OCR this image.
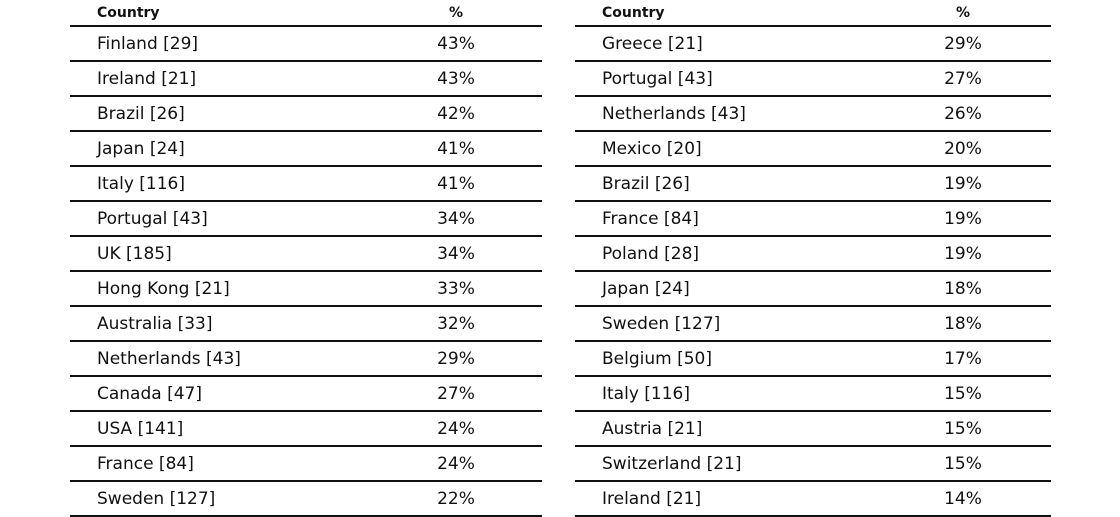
Country	%
Finland [29]	43%
Ireland [21]	43%
Brazil [26]	42%
Japan [24]	41%
Italy [116]	41%
Portugal [43]	34%
UK [185]	34%
Hong Kong [21]	33%
Australia [33]	32%
Netherlands [43]	29%
Canada [47]	27%
USA [141]	24%
France [84]	24%
Sweden [127]	22%
Country	%
Greece [21]	29%
Portugal [43]	27%
Netherlands [43]	26%
Mexico [20]	20%
Brazil [26]	19%
France [84]	19%
Poland [28]	19%
Japan [24]	18%
Sweden [127]	18%
Belgium [50]	17%
Italy [116]	15%
Austria [21]	15%
Switzerland [21]	15%
Ireland [21]	14%
